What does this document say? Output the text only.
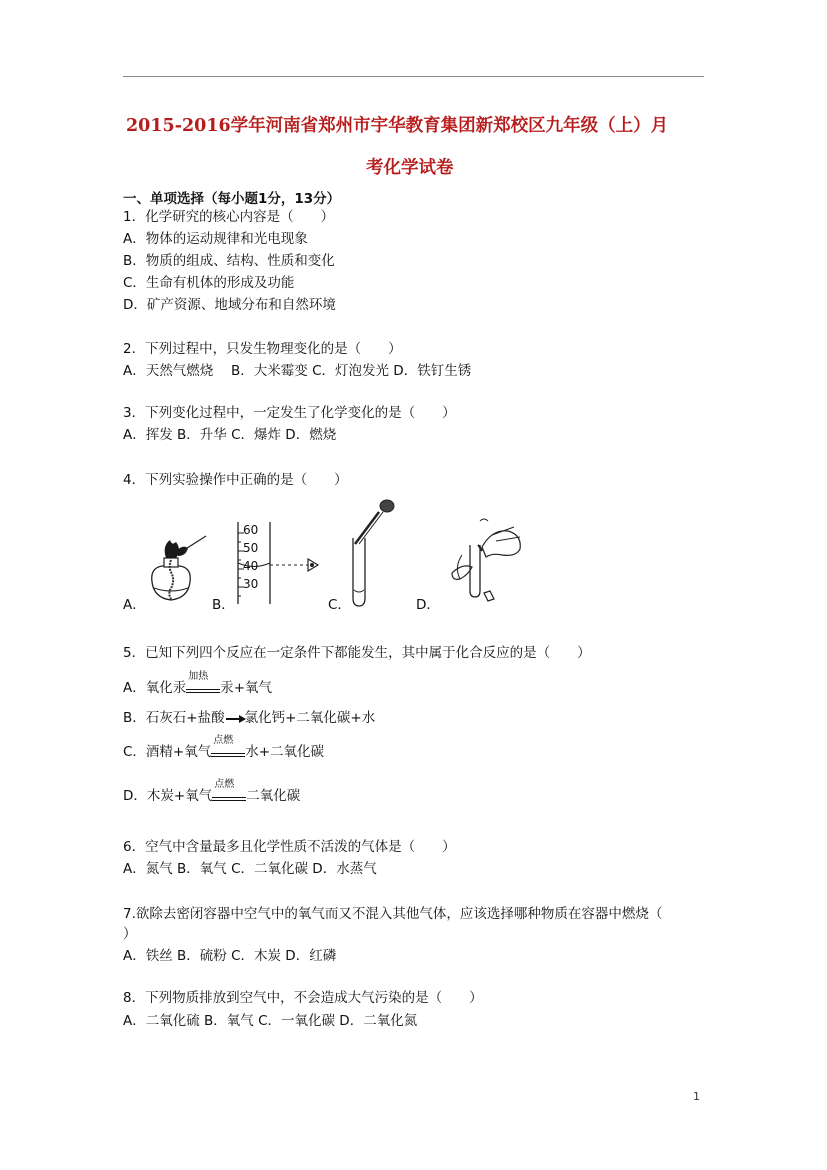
2015-2016学年河南省郑州市宇华教育集团新郑校区九年级（上）月
考化学试卷
一、单项选择（每小题1分，13分）
1．化学研究的核心内容是（　　）
A．物体的运动规律和光电现象
B．物质的组成、结构、性质和变化
C．生命有机体的形成及功能
D．矿产资源、地域分布和自然环境
2．下列过程中，只发生物理变化的是（　　）
A．天然气燃烧　 B．大米霉变 C．灯泡发光 D．铁钉生锈
3．下列变化过程中，一定发生了化学变化的是（　　）
A．挥发 B．升华 C．爆炸 D．燃烧
4．下列实验操作中正确的是（　　）
A．	B．	C．	D．
60
50
40
30
5．已知下列四个反应在一定条件下都能发生，其中属于化合反应的是（　　）
A．氧化汞
加热
汞+氧气
B．石灰石+盐酸 氯化钙+二氧化碳+水
C．酒精+氧气
点燃
水+二氧化碳
D．木炭+氧气
点燃
二氧化碳
6．空气中含量最多且化学性质不活泼的气体是（　　）
A．氮气 B．氧气 C．二氧化碳 D．水蒸气
7.欲除去密闭容器中空气中的氧气而又不混入其他气体，应该选择哪种物质在容器中燃烧（
）
A．铁丝 B．硫粉 C．木炭 D．红磷
8．下列物质排放到空气中，不会造成大气污染的是（　　）
A．二氧化硫 B．氧气 C．一氧化碳 D．二氧化氮
1
